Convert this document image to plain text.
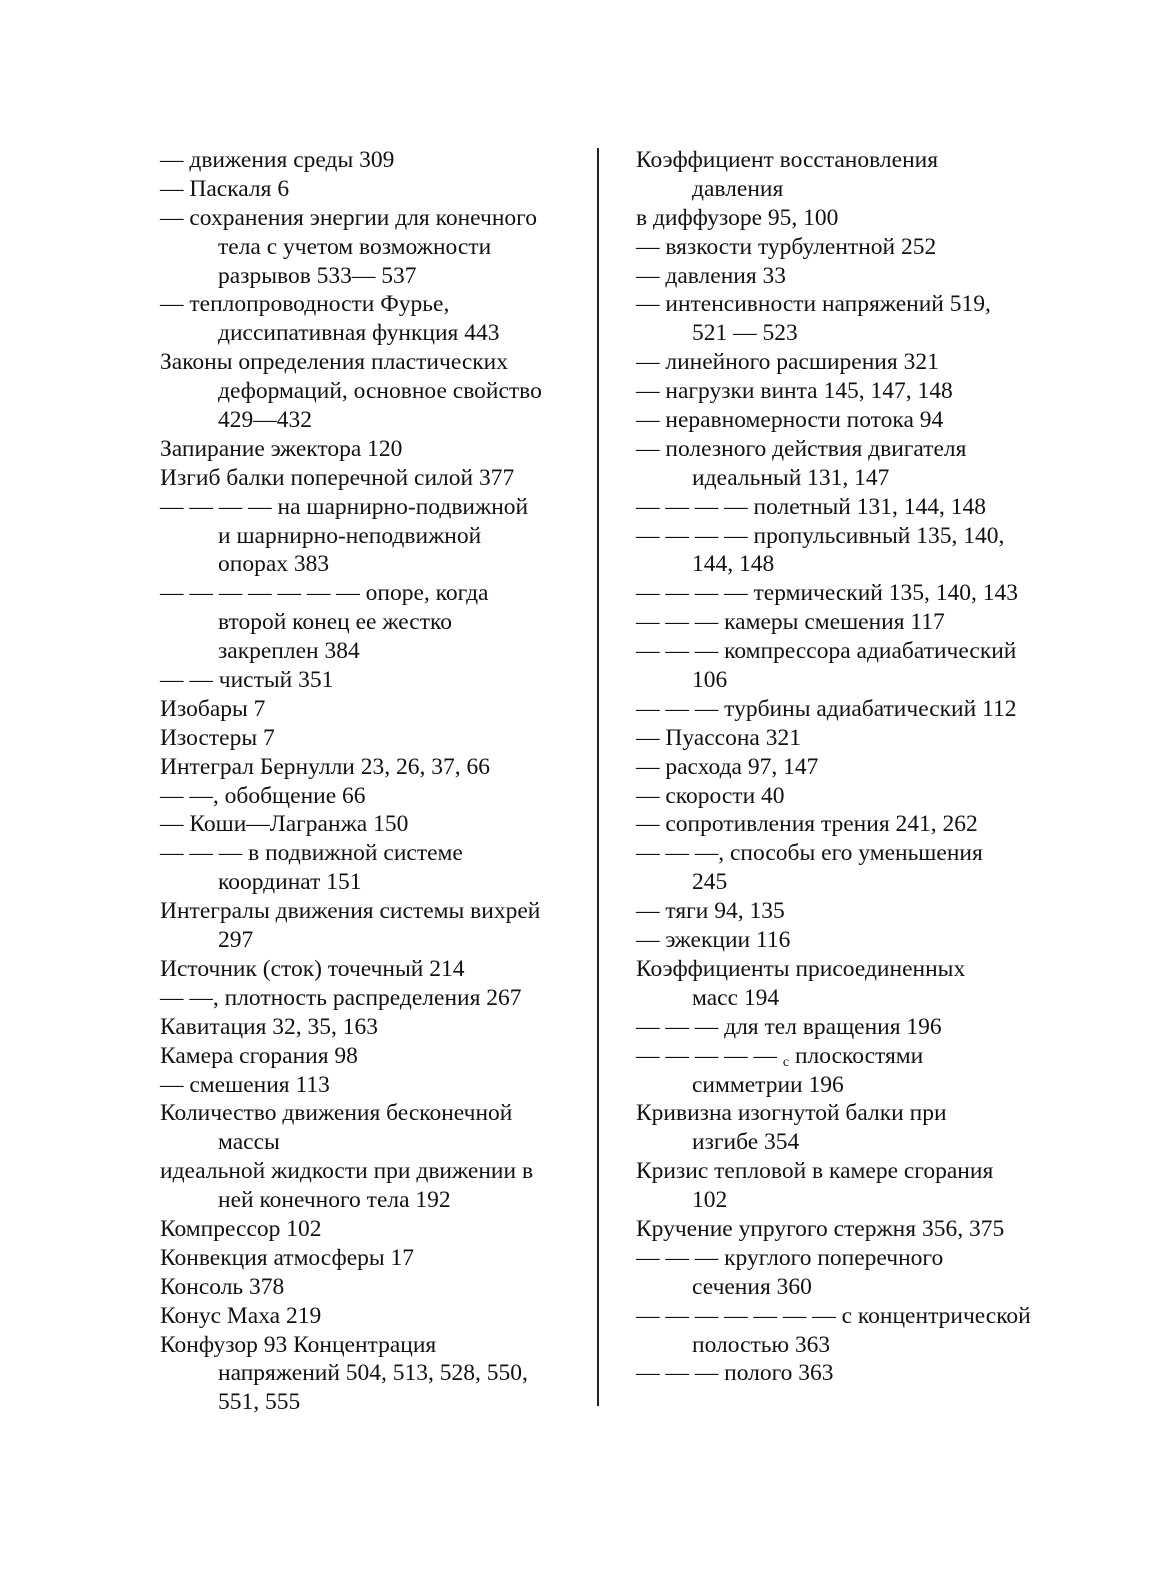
— движения среды 309
— Паскаля 6
— сохранения энергии для конечного
тела с учетом возможности
разрывов 533— 537
— теплопроводности Фурье,
диссипативная функция 443
Законы определения пластических
деформаций, основное свойство
429—432
Запирание эжектора 120
Изгиб балки поперечной силой 377
— — — — на шарнирно-подвижной
и шарнирно-неподвижной
опорах 383
— — — — — — — опоре, когда
второй конец ее жестко
закреплен 384
— — чистый 351
Изобары 7
Изостеры 7
Интеграл Бернулли 23, 26, 37, 66
— —, обобщение 66
— Коши—Лагранжа 150
— — — в подвижной системе
координат 151
Интегралы движения системы вихрей
297
Источник (сток) точечный 214
— —, плотность распределения 267
Кавитация 32, 35, 163
Камера сгорания 98
— смешения 113
Количество движения бесконечной
массы
идеальной жидкости при движении в
ней конечного тела 192
Компрессор 102
Конвекция атмосферы 17
Консоль 378
Конус Маха 219
Конфузор 93 Концентрация
напряжений 504, 513, 528, 550,
551, 555
Коэффициент восстановления
давления
в диффузоре 95, 100
— вязкости турбулентной 252
— давления 33
— интенсивности напряжений 519,
521 — 523
— линейного расширения 321
— нагрузки винта 145, 147, 148
— неравномерности потока 94
— полезного действия двигателя
идеальный 131, 147
— — — — полетный 131, 144, 148
— — — — пропульсивный 135, 140,
144, 148
— — — — термический 135, 140, 143
— — — камеры смешения 117
— — — компрессора адиабатический
106
— — — турбины адиабатический 112
— Пуассона 321
— расхода 97, 147
— скорости 40
— сопротивления трения 241, 262
— — —, способы его уменьшения
245
— тяги 94, 135
— эжекции 116
Коэффициенты присоединенных
масс 194
— — — для тел вращения 196
— — — — — $_с$ плоскостями
симметрии 196
Кривизна изогнутой балки при
изгибе 354
Кризис тепловой в камере сгорания
102
Кручение упругого стержня 356, 375
— — — круглого поперечного
сечения 360
— — — — — — — с концентрической
полостью 363
— — — полого 363
